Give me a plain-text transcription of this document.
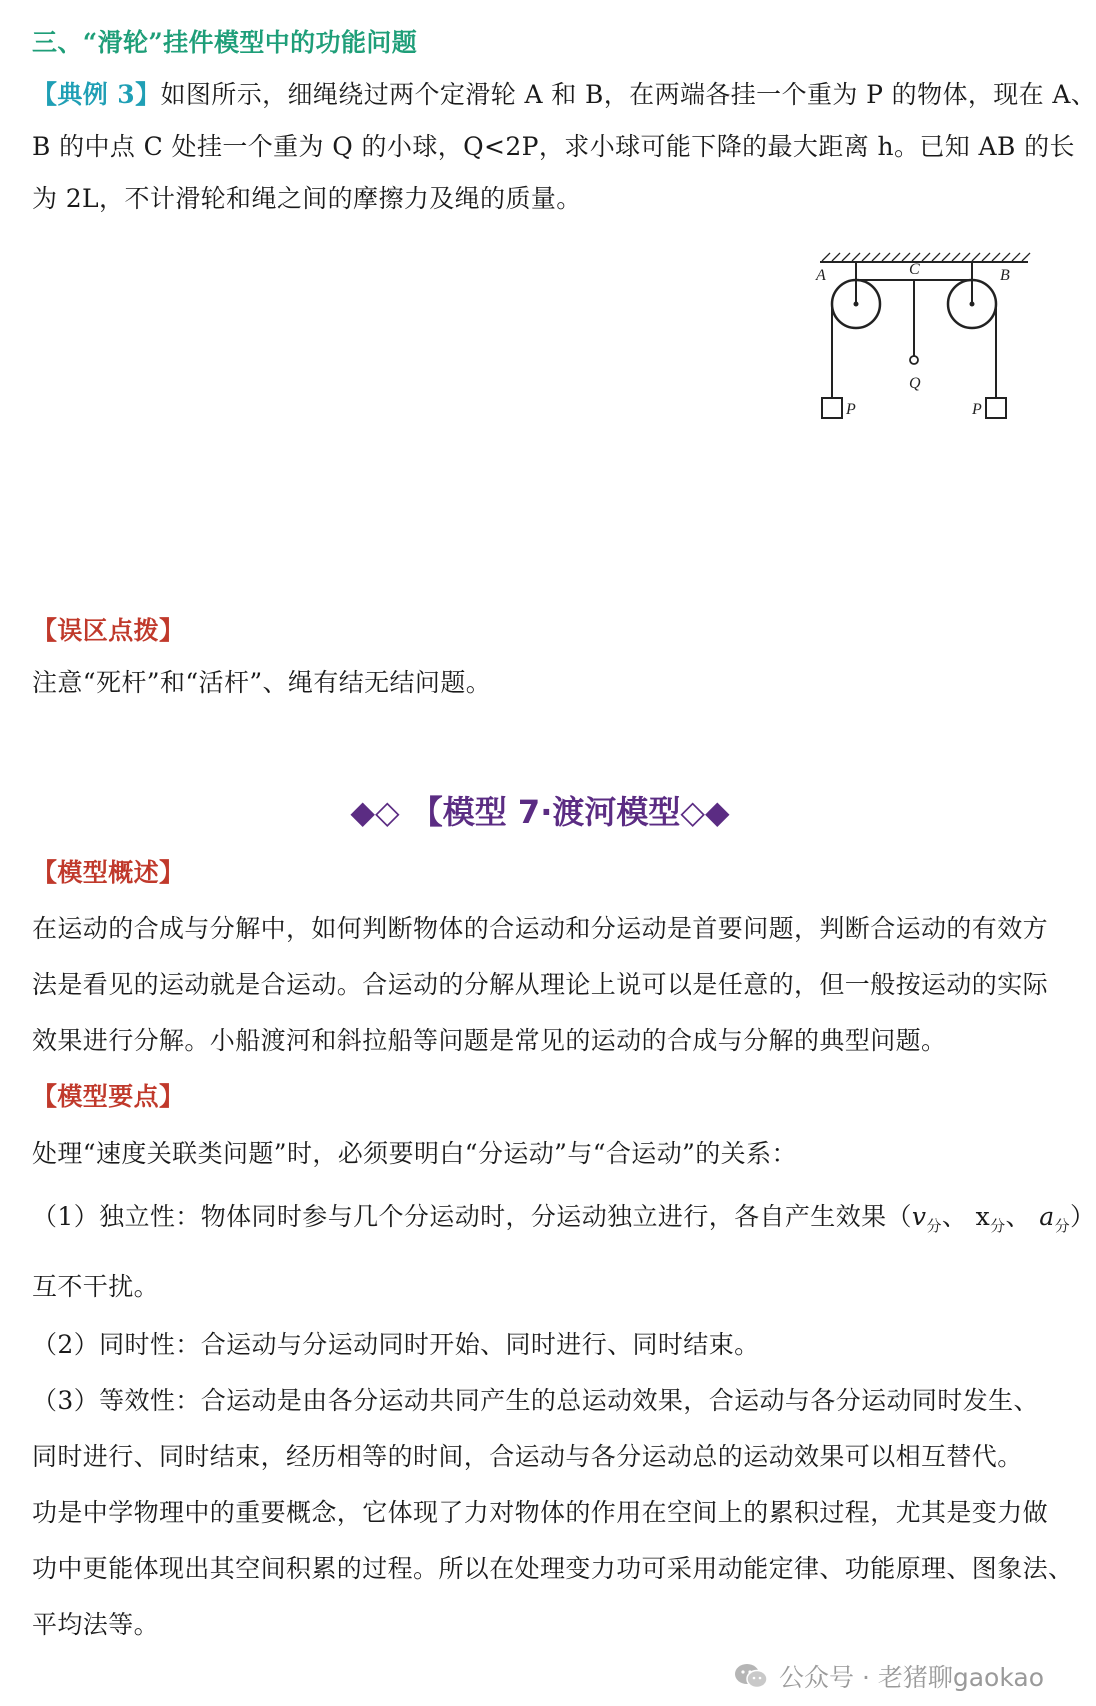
三、“滑轮”挂件模型中的功能问题
【典例 3】如图所示，细绳绕过两个定滑轮 A 和 B，在两端各挂一个重为 P 的物体，现在 A、
B 的中点 C 处挂一个重为 Q 的小球，Q<2P，求小球可能下降的最大距离 h。已知 AB 的长
为 2L，不计滑轮和绳之间的摩擦力及绳的质量。
A	C	B
Q
P	P
【误区点拨】
注意“死杆”和“活杆”、绳有结无结问题。
◆◇ 【模型 7·渡河模型◇◆
【模型概述】
在运动的合成与分解中，如何判断物体的合运动和分运动是首要问题，判断合运动的有效方
法是看见的运动就是合运动。合运动的分解从理论上说可以是任意的，但一般按运动的实际
效果进行分解。小船渡河和斜拉船等问题是常见的运动的合成与分解的典型问题。
【模型要点】
处理“速度关联类问题”时，必须要明白“分运动”与“合运动”的关系：
（1）独立性：物体同时参与几个分运动时，分运动独立进行，各自产生效果（$v_分$、 $x_分$、 $a_分$）
互不干扰。
（2）同时性：合运动与分运动同时开始、同时进行、同时结束。
（3）等效性：合运动是由各分运动共同产生的总运动效果，合运动与各分运动同时发生、
同时进行、同时结束，经历相等的时间，合运动与各分运动总的运动效果可以相互替代。
功是中学物理中的重要概念，它体现了力对物体的作用在空间上的累积过程，尤其是变力做
功中更能体现出其空间积累的过程。所以在处理变力功可采用动能定律、功能原理、图象法、
平均法等。
公众号 · 老猪聊gaokao
